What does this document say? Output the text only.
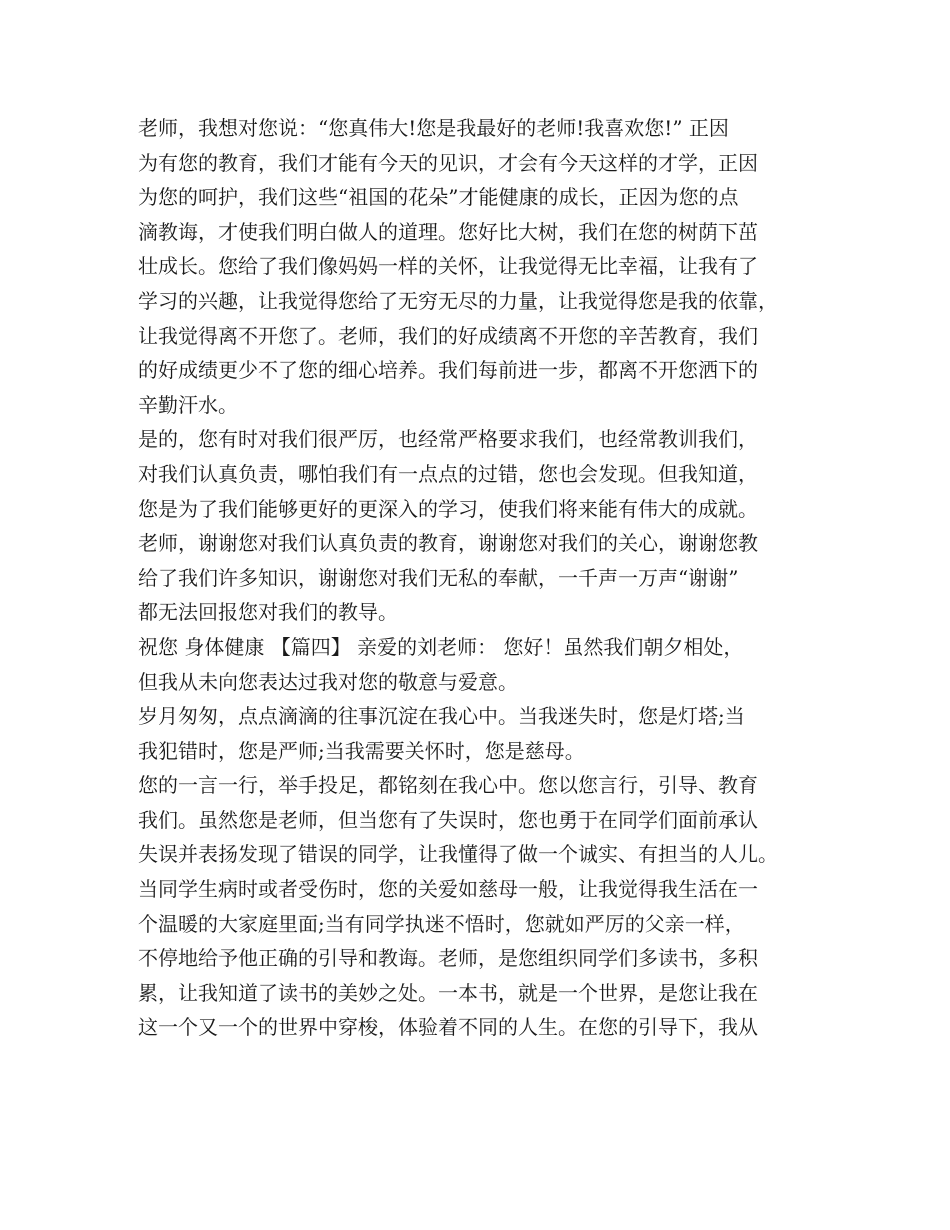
老师，我想对您说：“您真伟大!您是我最好的老师!我喜欢您!” 正因
为有您的教育，我们才能有今天的见识，才会有今天这样的才学，正因
为您的呵护，我们这些“祖国的花朵”才能健康的成长，正因为您的点
滴教诲，才使我们明白做人的道理。您好比大树，我们在您的树荫下茁
壮成长。您给了我们像妈妈一样的关怀，让我觉得无比幸福，让我有了
学习的兴趣，让我觉得您给了无穷无尽的力量，让我觉得您是我的依靠，
让我觉得离不开您了。老师，我们的好成绩离不开您的辛苦教育，我们
的好成绩更少不了您的细心培养。我们每前进一步，都离不开您洒下的
辛勤汗水。
是的，您有时对我们很严厉，也经常严格要求我们，也经常教训我们，
对我们认真负责，哪怕我们有一点点的过错，您也会发现。但我知道，
您是为了我们能够更好的更深入的学习，使我们将来能有伟大的成就。
老师，谢谢您对我们认真负责的教育，谢谢您对我们的关心，谢谢您教
给了我们许多知识，谢谢您对我们无私的奉献，一千声一万声“谢谢”
都无法回报您对我们的教导。
祝您 身体健康 【篇四】 亲爱的刘老师： 您好！虽然我们朝夕相处，
但我从未向您表达过我对您的敬意与爱意。
岁月匆匆，点点滴滴的往事沉淀在我心中。当我迷失时，您是灯塔;当
我犯错时，您是严师;当我需要关怀时，您是慈母。
您的一言一行，举手投足，都铭刻在我心中。您以您言行，引导、教育
我们。虽然您是老师，但当您有了失误时，您也勇于在同学们面前承认
失误并表扬发现了错误的同学，让我懂得了做一个诚实、有担当的人儿。
当同学生病时或者受伤时，您的关爱如慈母一般，让我觉得我生活在一
个温暖的大家庭里面;当有同学执迷不悟时，您就如严厉的父亲一样，
不停地给予他正确的引导和教诲。老师，是您组织同学们多读书，多积
累，让我知道了读书的美妙之处。一本书，就是一个世界，是您让我在
这一个又一个的世界中穿梭，体验着不同的人生。在您的引导下，我从
